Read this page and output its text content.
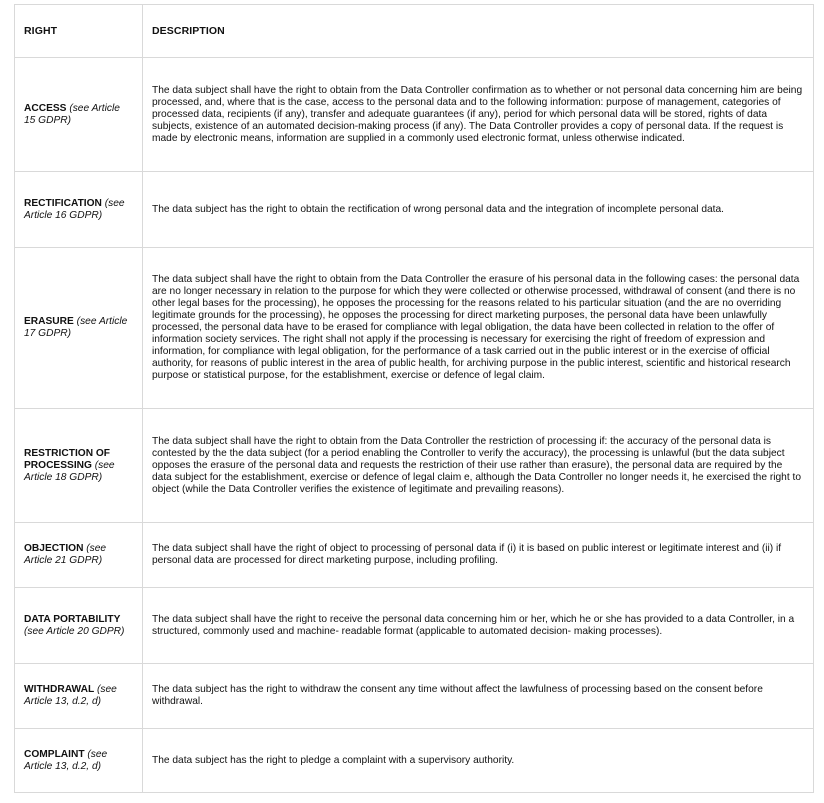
RIGHT	DESCRIPTION
ACCESS (see Article 15 GDPR)	The data subject shall have the right to obtain from the Data Controller confirmation as to whether or not personal data concerning him are being processed, and, where that is the case, access to the personal data and to the following information: purpose of management, categories of processed data, recipients (if any), transfer and adequate guarantees (if any), period for which personal data will be stored, rights of data subjects, existence of an automated decision-making process (if any). The Data Controller provides a copy of personal data. If the request is made by electronic means, information are supplied in a commonly used electronic format, unless otherwise indicated.
RECTIFICATION (see Article 16 GDPR)	The data subject has the right to obtain the rectification of wrong personal data and the integration of incomplete personal data.
ERASURE (see Article 17 GDPR)	The data subject shall have the right to obtain from the Data Controller the erasure of his personal data in the following cases: the personal data are no longer necessary in relation to the purpose for which they were collected or otherwise processed, withdrawal of consent (and there is no other legal bases for the processing), he opposes the processing for the reasons related to his particular situation (and the are no overriding legitimate grounds for the processing), he opposes the processing for direct marketing purposes, the personal data have been unlawfully processed, the personal data have to be erased for compliance with legal obligation, the data have been collected in relation to the offer of information society services. The right shall not apply if the processing is necessary for exercising the right of freedom of expression and information, for compliance with legal obligation, for the performance of a task carried out in the public interest or in the exercise of official authority, for reasons of public interest in the area of public health, for archiving purpose in the public interest, scientific and historical research purpose or statistical purpose, for the establishment, exercise or defence of legal claim.
RESTRICTION OF PROCESSING (see Article 18 GDPR)	The data subject shall have the right to obtain from the Data Controller the restriction of processing if: the accuracy of the personal data is contested by the the data subject (for a period enabling the Controller to verify the accuracy), the processing is unlawful (but the data subject opposes the erasure of the personal data and requests the restriction of their use rather than erasure), the personal data are required by the data subject for the establishment, exercise or defence of legal claim e, although the Data Controller no longer needs it, he exercised the right to object (while the Data Controller verifies the existence of legitimate and prevailing reasons).
OBJECTION (see Article 21 GDPR)	The data subject shall have the right of object to processing of personal data if (i) it is based on public interest or legitimate interest and (ii) if personal data are processed for direct marketing purpose, including profiling.
DATA PORTABILITY (see Article 20 GDPR)	The data subject shall have the right to receive the personal data concerning him or her, which he or she has provided to a data Controller, in a structured, commonly used and machine- readable format (applicable to automated decision- making processes).
WITHDRAWAL (see Article 13, d.2, d)	The data subject has the right to withdraw the consent any time without affect the lawfulness of processing based on the consent before withdrawal.
COMPLAINT (see Article 13, d.2, d)	The data subject has the right to pledge a complaint with a supervisory authority.
